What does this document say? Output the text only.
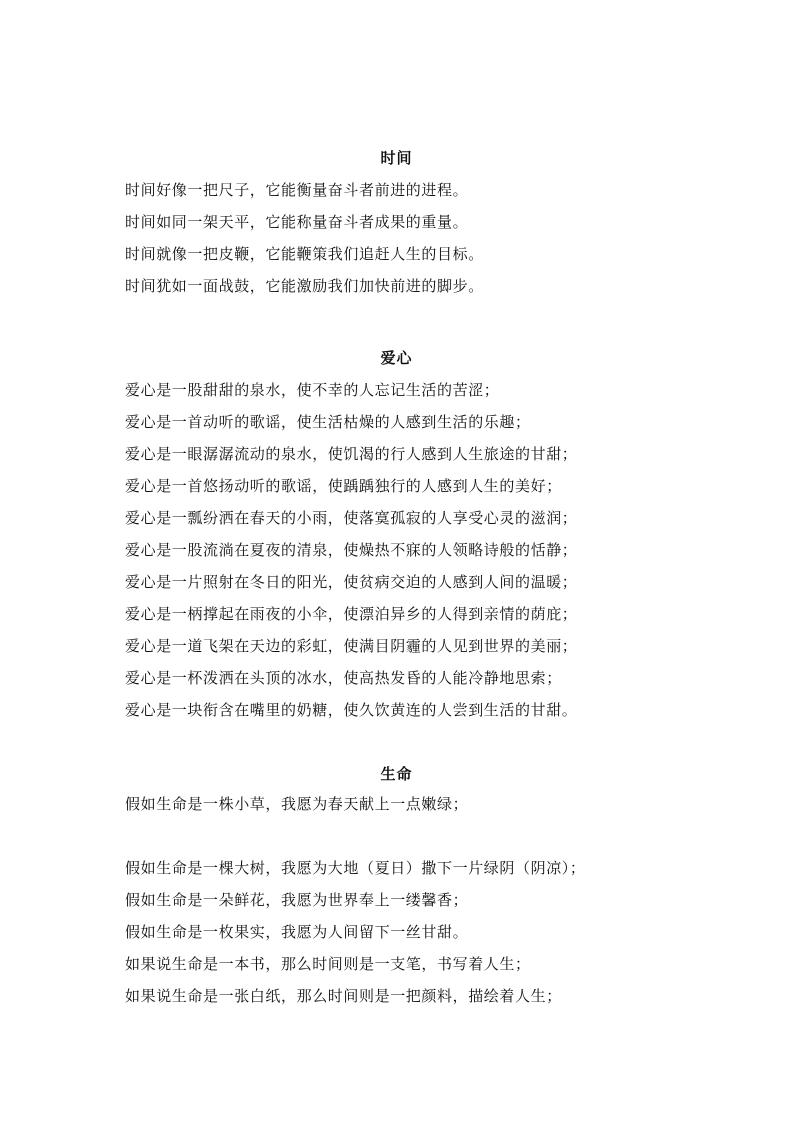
时间
时间好像一把尺子，它能衡量奋斗者前进的进程。
时间如同一架天平，它能称量奋斗者成果的重量。
时间就像一把皮鞭，它能鞭策我们追赶人生的目标。
时间犹如一面战鼓，它能激励我们加快前进的脚步。
爱心
爱心是一股甜甜的泉水，使不幸的人忘记生活的苦涩；
爱心是一首动听的歌谣，使生活枯燥的人感到生活的乐趣；
爱心是一眼潺潺流动的泉水，使饥渴的行人感到人生旅途的甘甜；
爱心是一首悠扬动听的歌谣，使踽踽独行的人感到人生的美好；
爱心是一瓢纷洒在春天的小雨，使落寞孤寂的人享受心灵的滋润；
爱心是一股流淌在夏夜的清泉，使燥热不寐的人领略诗般的恬静；
爱心是一片照射在冬日的阳光，使贫病交迫的人感到人间的温暖；
爱心是一柄撑起在雨夜的小伞，使漂泊异乡的人得到亲情的荫庇；
爱心是一道飞架在天边的彩虹，使满目阴霾的人见到世界的美丽；
爱心是一杯泼洒在头顶的冰水，使高热发昏的人能冷静地思索；
爱心是一块衔含在嘴里的奶糖，使久饮黄连的人尝到生活的甘甜。
生命
假如生命是一株小草，我愿为春天献上一点嫩绿；
假如生命是一棵大树，我愿为大地（夏日）撒下一片绿阴（阴凉）；
假如生命是一朵鲜花，我愿为世界奉上一缕馨香；
假如生命是一枚果实，我愿为人间留下一丝甘甜。
如果说生命是一本书，那么时间则是一支笔，书写着人生；
如果说生命是一张白纸，那么时间则是一把颜料，描绘着人生；
